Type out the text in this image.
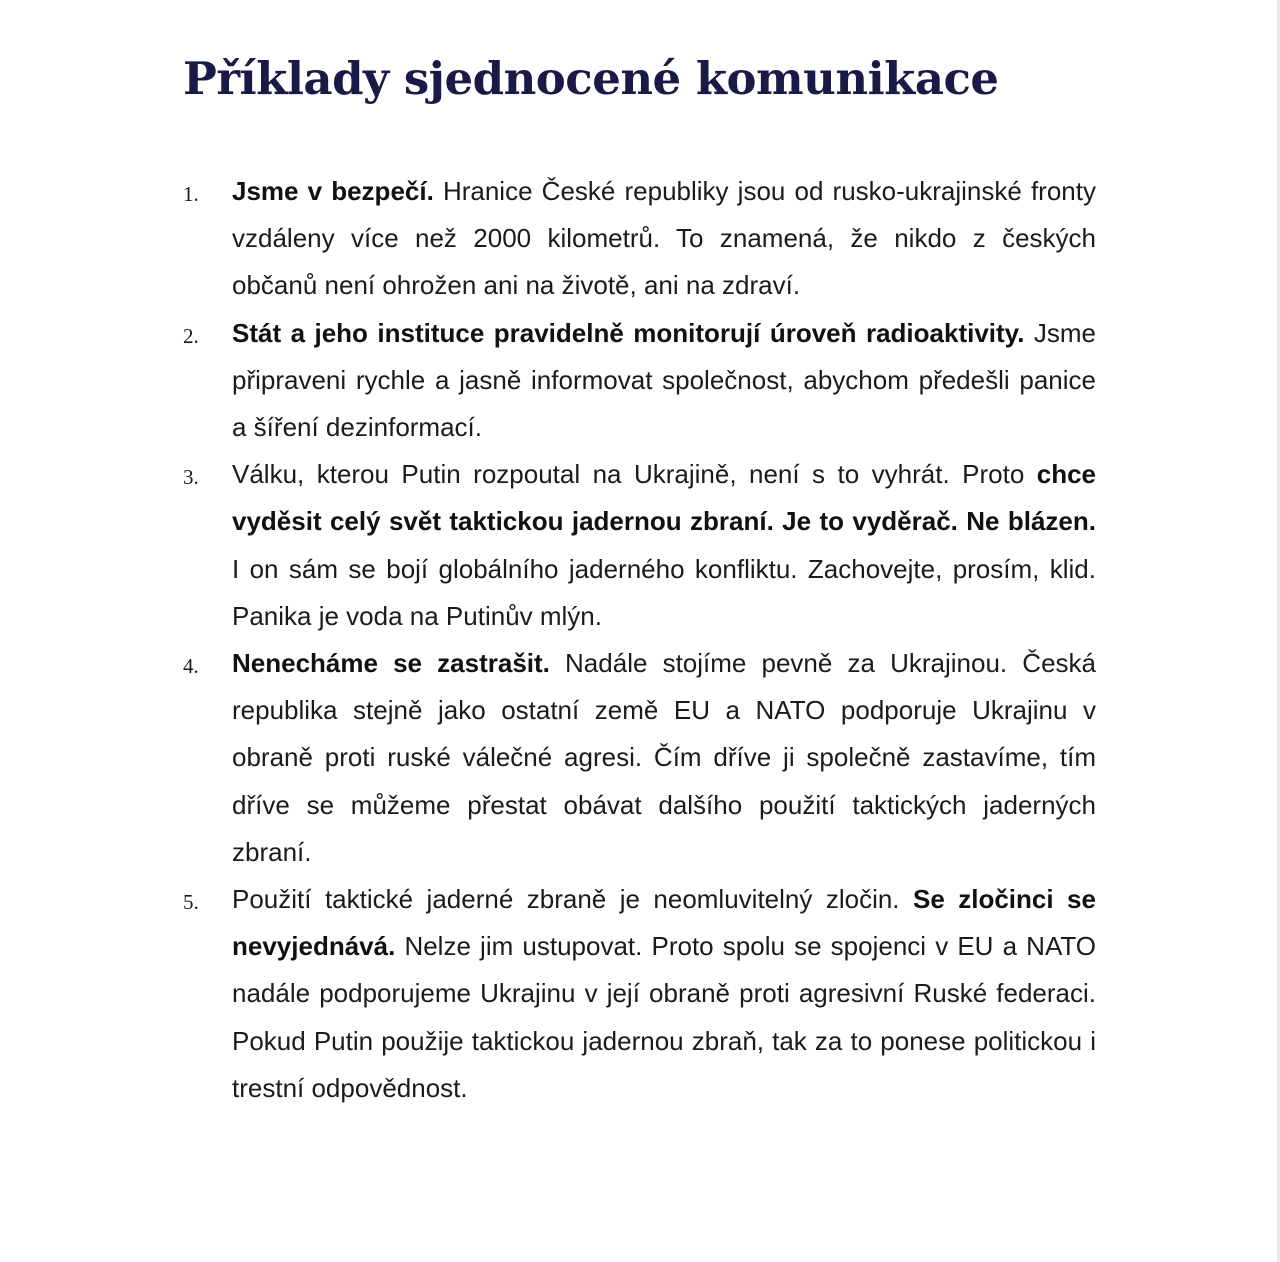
Příklady sjednocené komunikace
1. Jsme v bezpečí. Hranice České republiky jsou od rusko-ukrajinské fronty vzdáleny více než 2000 kilometrů. To znamená, že nikdo z českých občanů není ohrožen ani na životě, ani na zdraví.
2. Stát a jeho instituce pravidelně monitorují úroveň radioaktivity. Jsme připraveni rychle a jasně informovat společnost, abychom předešli panice a šíření dezinformací.
3. Válku, kterou Putin rozpoutal na Ukrajině, není s to vyhrát. Proto chce vyděsit celý svět taktickou jadernou zbraní. Je to vyděrač. Ne blázen. I on sám se bojí globálního jaderného konfliktu. Zachovejte, prosím, klid. Panika je voda na Putinův mlýn.
4. Nenecháme se zastrašit. Nadále stojíme pevně za Ukrajinou. Česká republika stejně jako ostatní země EU a NATO podporuje Ukrajinu v obraně proti ruské válečné agresi. Čím dříve ji společně zastavíme, tím dříve se můžeme přestat obávat dalšího použití taktických jaderných zbraní.
5. Použití taktické jaderné zbraně je neomluvitelný zločin. Se zločinci se nevyjednává. Nelze jim ustupovat. Proto spolu se spojenci v EU a NATO nadále podporujeme Ukrajinu v její obraně proti agresivní Ruské federaci. Pokud Putin použije taktickou jadernou zbraň, tak za to ponese politickou i trestní odpovědnost.
